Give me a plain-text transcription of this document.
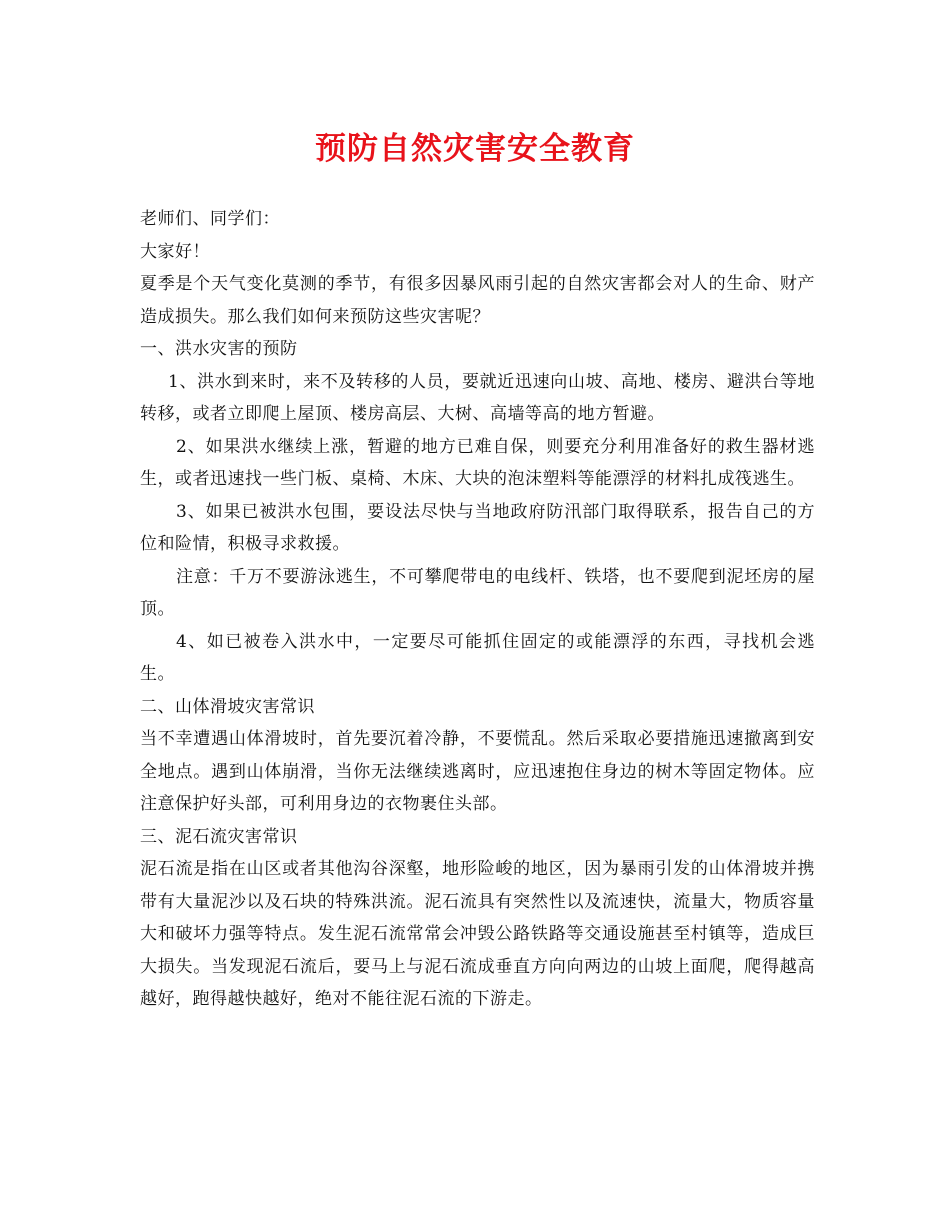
预防自然灾害安全教育

老师们、同学们：

大家好！

夏季是个天气变化莫测的季节，有很多因暴风雨引起的自然灾害都会对人的生命、财产造成损失。那么我们如何来预防这些灾害呢？

一、洪水灾害的预防

1、洪水到来时，来不及转移的人员，要就近迅速向山坡、高地、楼房、避洪台等地转移，或者立即爬上屋顶、楼房高层、大树、高墙等高的地方暂避。

2、如果洪水继续上涨，暂避的地方已难自保，则要充分利用准备好的救生器材逃生，或者迅速找一些门板、桌椅、木床、大块的泡沫塑料等能漂浮的材料扎成筏逃生。

3、如果已被洪水包围，要设法尽快与当地政府防汛部门取得联系，报告自己的方位和险情，积极寻求救援。

注意：千万不要游泳逃生，不可攀爬带电的电线杆、铁塔，也不要爬到泥坯房的屋顶。

4、如已被卷入洪水中，一定要尽可能抓住固定的或能漂浮的东西，寻找机会逃生。

二、山体滑坡灾害常识

当不幸遭遇山体滑坡时，首先要沉着冷静，不要慌乱。然后采取必要措施迅速撤离到安全地点。遇到山体崩滑，当你无法继续逃离时，应迅速抱住身边的树木等固定物体。应注意保护好头部，可利用身边的衣物裹住头部。

三、泥石流灾害常识

泥石流是指在山区或者其他沟谷深壑，地形险峻的地区，因为暴雨引发的山体滑坡并携带有大量泥沙以及石块的特殊洪流。泥石流具有突然性以及流速快，流量大，物质容量大和破坏力强等特点。发生泥石流常常会冲毁公路铁路等交通设施甚至村镇等，造成巨大损失。当发现泥石流后，要马上与泥石流成垂直方向向两边的山坡上面爬，爬得越高越好，跑得越快越好，绝对不能往泥石流的下游走。
